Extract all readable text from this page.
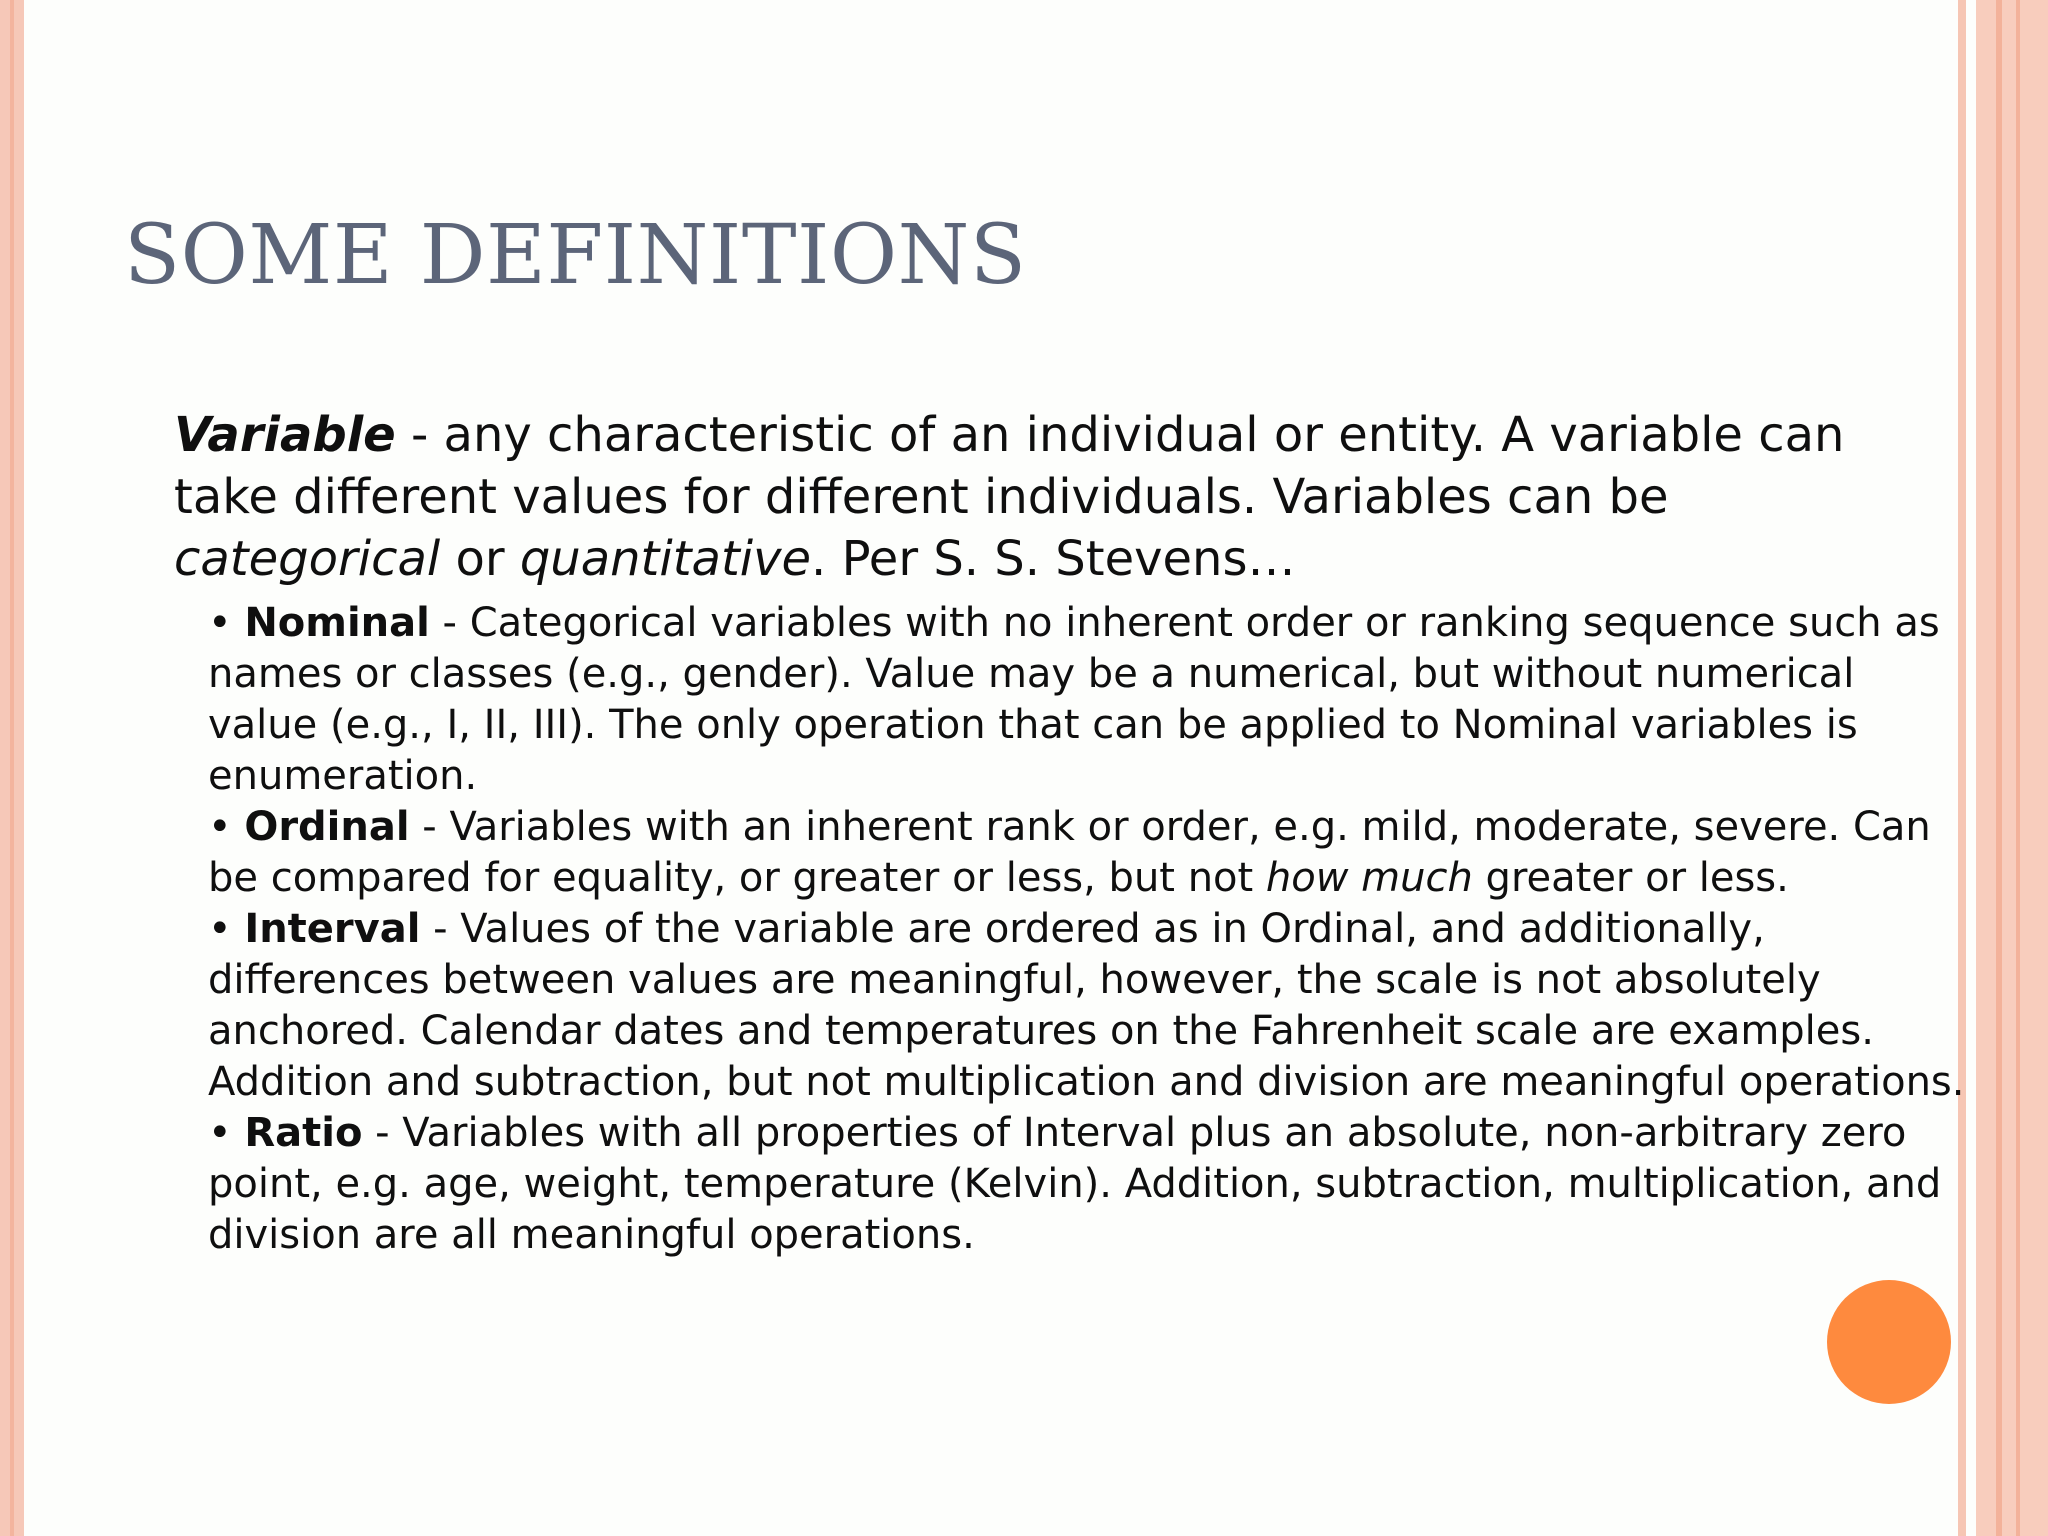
SOME DEFINITIONS

Variable - any characteristic of an individual or entity. A variable can take different values for different individuals. Variables can be categorical or quantitative. Per S. S. Stevens…

• Nominal - Categorical variables with no inherent order or ranking sequence such as names or classes (e.g., gender). Value may be a numerical, but without numerical value (e.g., I, II, III). The only operation that can be applied to Nominal variables is enumeration.
• Ordinal - Variables with an inherent rank or order, e.g. mild, moderate, severe. Can be compared for equality, or greater or less, but not how much greater or less.
• Interval - Values of the variable are ordered as in Ordinal, and additionally, differences between values are meaningful, however, the scale is not absolutely anchored. Calendar dates and temperatures on the Fahrenheit scale are examples. Addition and subtraction, but not multiplication and division are meaningful operations.
• Ratio - Variables with all properties of Interval plus an absolute, non-arbitrary zero point, e.g. age, weight, temperature (Kelvin). Addition, subtraction, multiplication, and division are all meaningful operations.
